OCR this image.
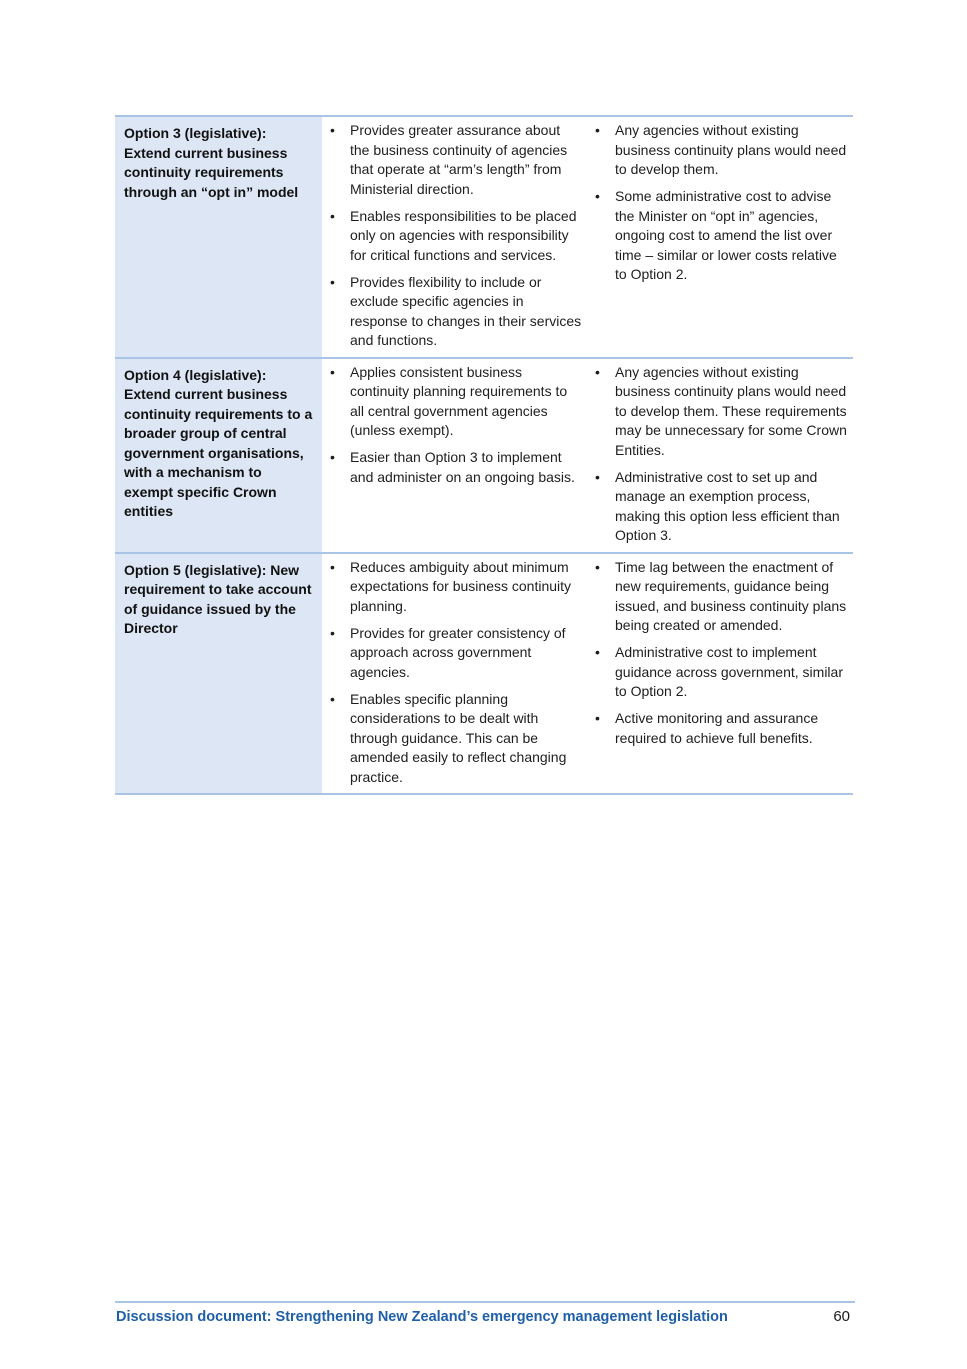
Option 3 (legislative): Extend current business continuity requirements through an “opt in” model
• Provides greater assurance about the business continuity of agencies that operate at “arm’s length” from Ministerial direction.
• Enables responsibilities to be placed only on agencies with responsibility for critical functions and services.
• Provides flexibility to include or exclude specific agencies in response to changes in their services and functions.
• Any agencies without existing business continuity plans would need to develop them.
• Some administrative cost to advise the Minister on “opt in” agencies, ongoing cost to amend the list over time – similar or lower costs relative to Option 2.
Option 4 (legislative): Extend current business continuity requirements to a broader group of central government organisations, with a mechanism to exempt specific Crown entities
• Applies consistent business continuity planning requirements to all central government agencies (unless exempt).
• Easier than Option 3 to implement and administer on an ongoing basis.
• Any agencies without existing business continuity plans would need to develop them. These requirements may be unnecessary for some Crown Entities.
• Administrative cost to set up and manage an exemption process, making this option less efficient than Option 3.
Option 5 (legislative): New requirement to take account of guidance issued by the Director
• Reduces ambiguity about minimum expectations for business continuity planning.
• Provides for greater consistency of approach across government agencies.
• Enables specific planning considerations to be dealt with through guidance. This can be amended easily to reflect changing practice.
• Time lag between the enactment of new requirements, guidance being issued, and business continuity plans being created or amended.
• Administrative cost to implement guidance across government, similar to Option 2.
• Active monitoring and assurance required to achieve full benefits.
Discussion document: Strengthening New Zealand’s emergency management legislation	60
